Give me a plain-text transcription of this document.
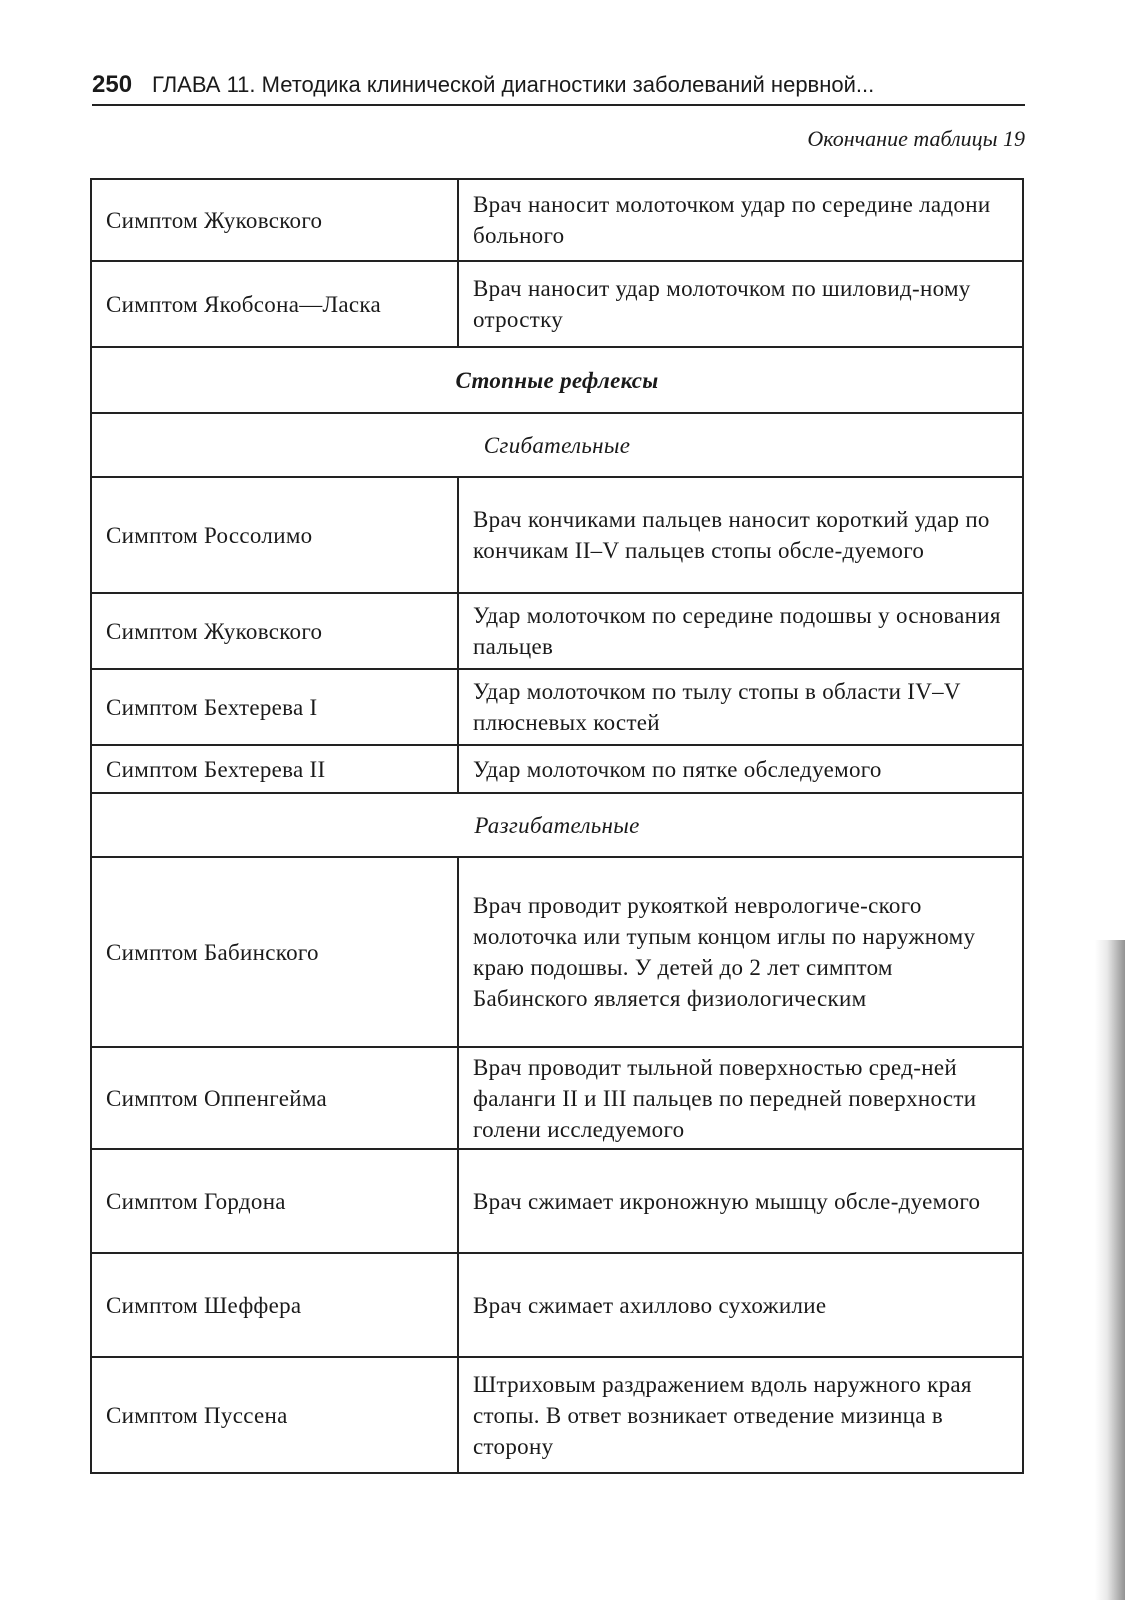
250 ГЛАВА 11. Методика клинической диагностики заболеваний нервной...
Окончание таблицы 19
Симптом Жуковского	Врач наносит молоточком удар по середине ладони больного
Симптом Якобсона—Ласка	Врач наносит удар молоточком по шиловид-ному отростку
Стопные рефлексы	
Сгибательные	
Симптом Россолимо	Врач кончиками пальцев наносит короткий удар по кончикам II–V пальцев стопы обсле-дуемого
Симптом Жуковского	Удар молоточком по середине подошвы у основания пальцев
Симптом Бехтерева I	Удар молоточком по тылу стопы в области IV–V плюсневых костей
Симптом Бехтерева II	Удар молоточком по пятке обследуемого
Разгибательные	
Симптом Бабинского	Врач проводит рукояткой неврологиче-ского молоточка или тупым концом иглы по наружному краю подошвы. У детей до 2 лет симптом Бабинского является физиологическим
Симптом Оппенгейма	Врач проводит тыльной поверхностью сред-ней фаланги II и III пальцев по передней поверхности голени исследуемого
Симптом Гордона	Врач сжимает икроножную мышцу обсле-дуемого
Симптом Шеффера	Врач сжимает ахиллово сухожилие
Симптом Пуссена	Штриховым раздражением вдоль наружного края стопы. В ответ возникает отведение мизинца в сторону
